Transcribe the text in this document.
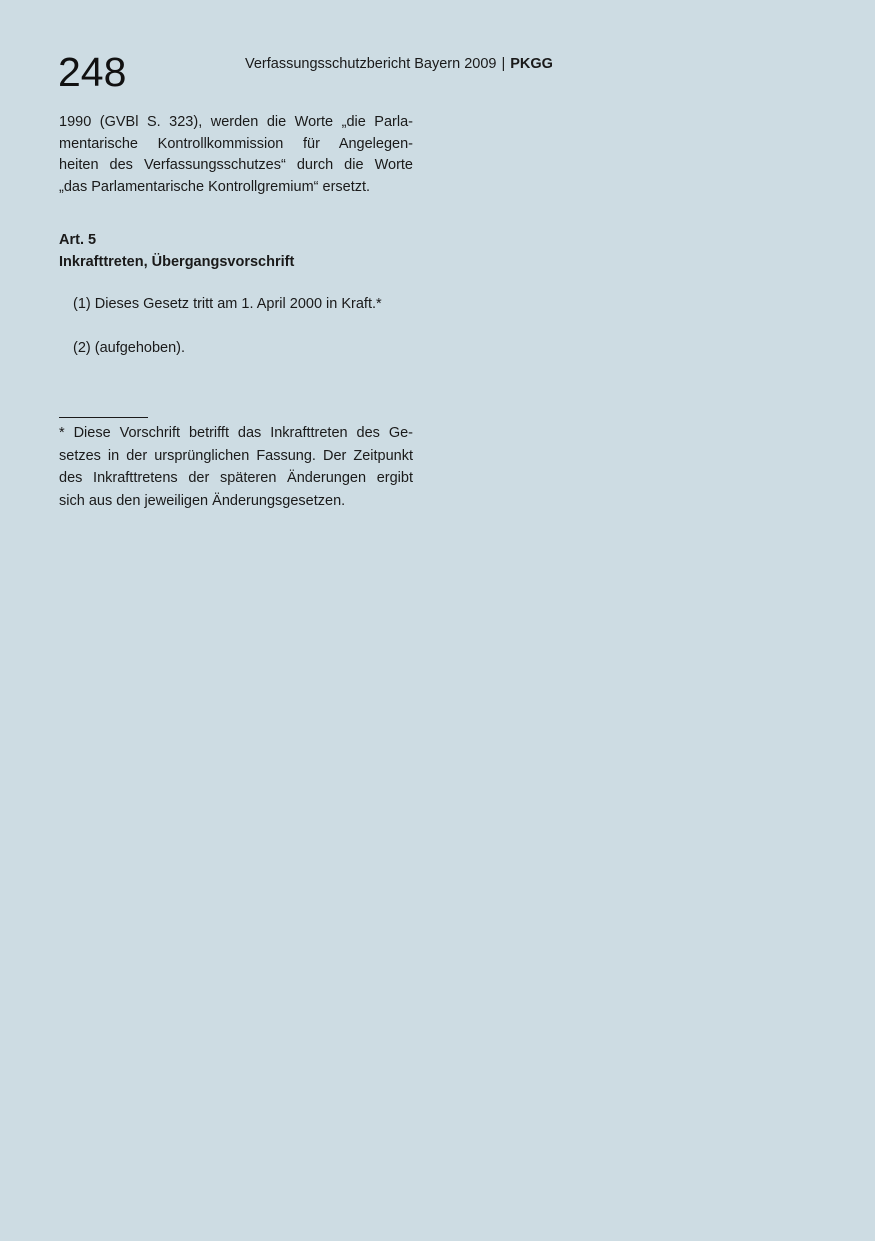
248	Verfassungsschutzbericht Bayern 2009 | PKGG
1990 (GVBl S. 323), werden die Worte „die Parla-
mentarische Kontrollkommission für Angelegen-
heiten des Verfassungsschutzes“ durch die Worte
„das Parlamentarische Kontrollgremium“ ersetzt.
Art. 5
Inkrafttreten, Übergangsvorschrift
(1) Dieses Gesetz tritt am 1. April 2000 in Kraft.*
(2) (aufgehoben).
* Diese Vorschrift betrifft das Inkrafttreten des Ge-
setzes in der ursprünglichen Fassung. Der Zeitpunkt
des Inkrafttretens der späteren Änderungen ergibt
sich aus den jeweiligen Änderungsgesetzen.
